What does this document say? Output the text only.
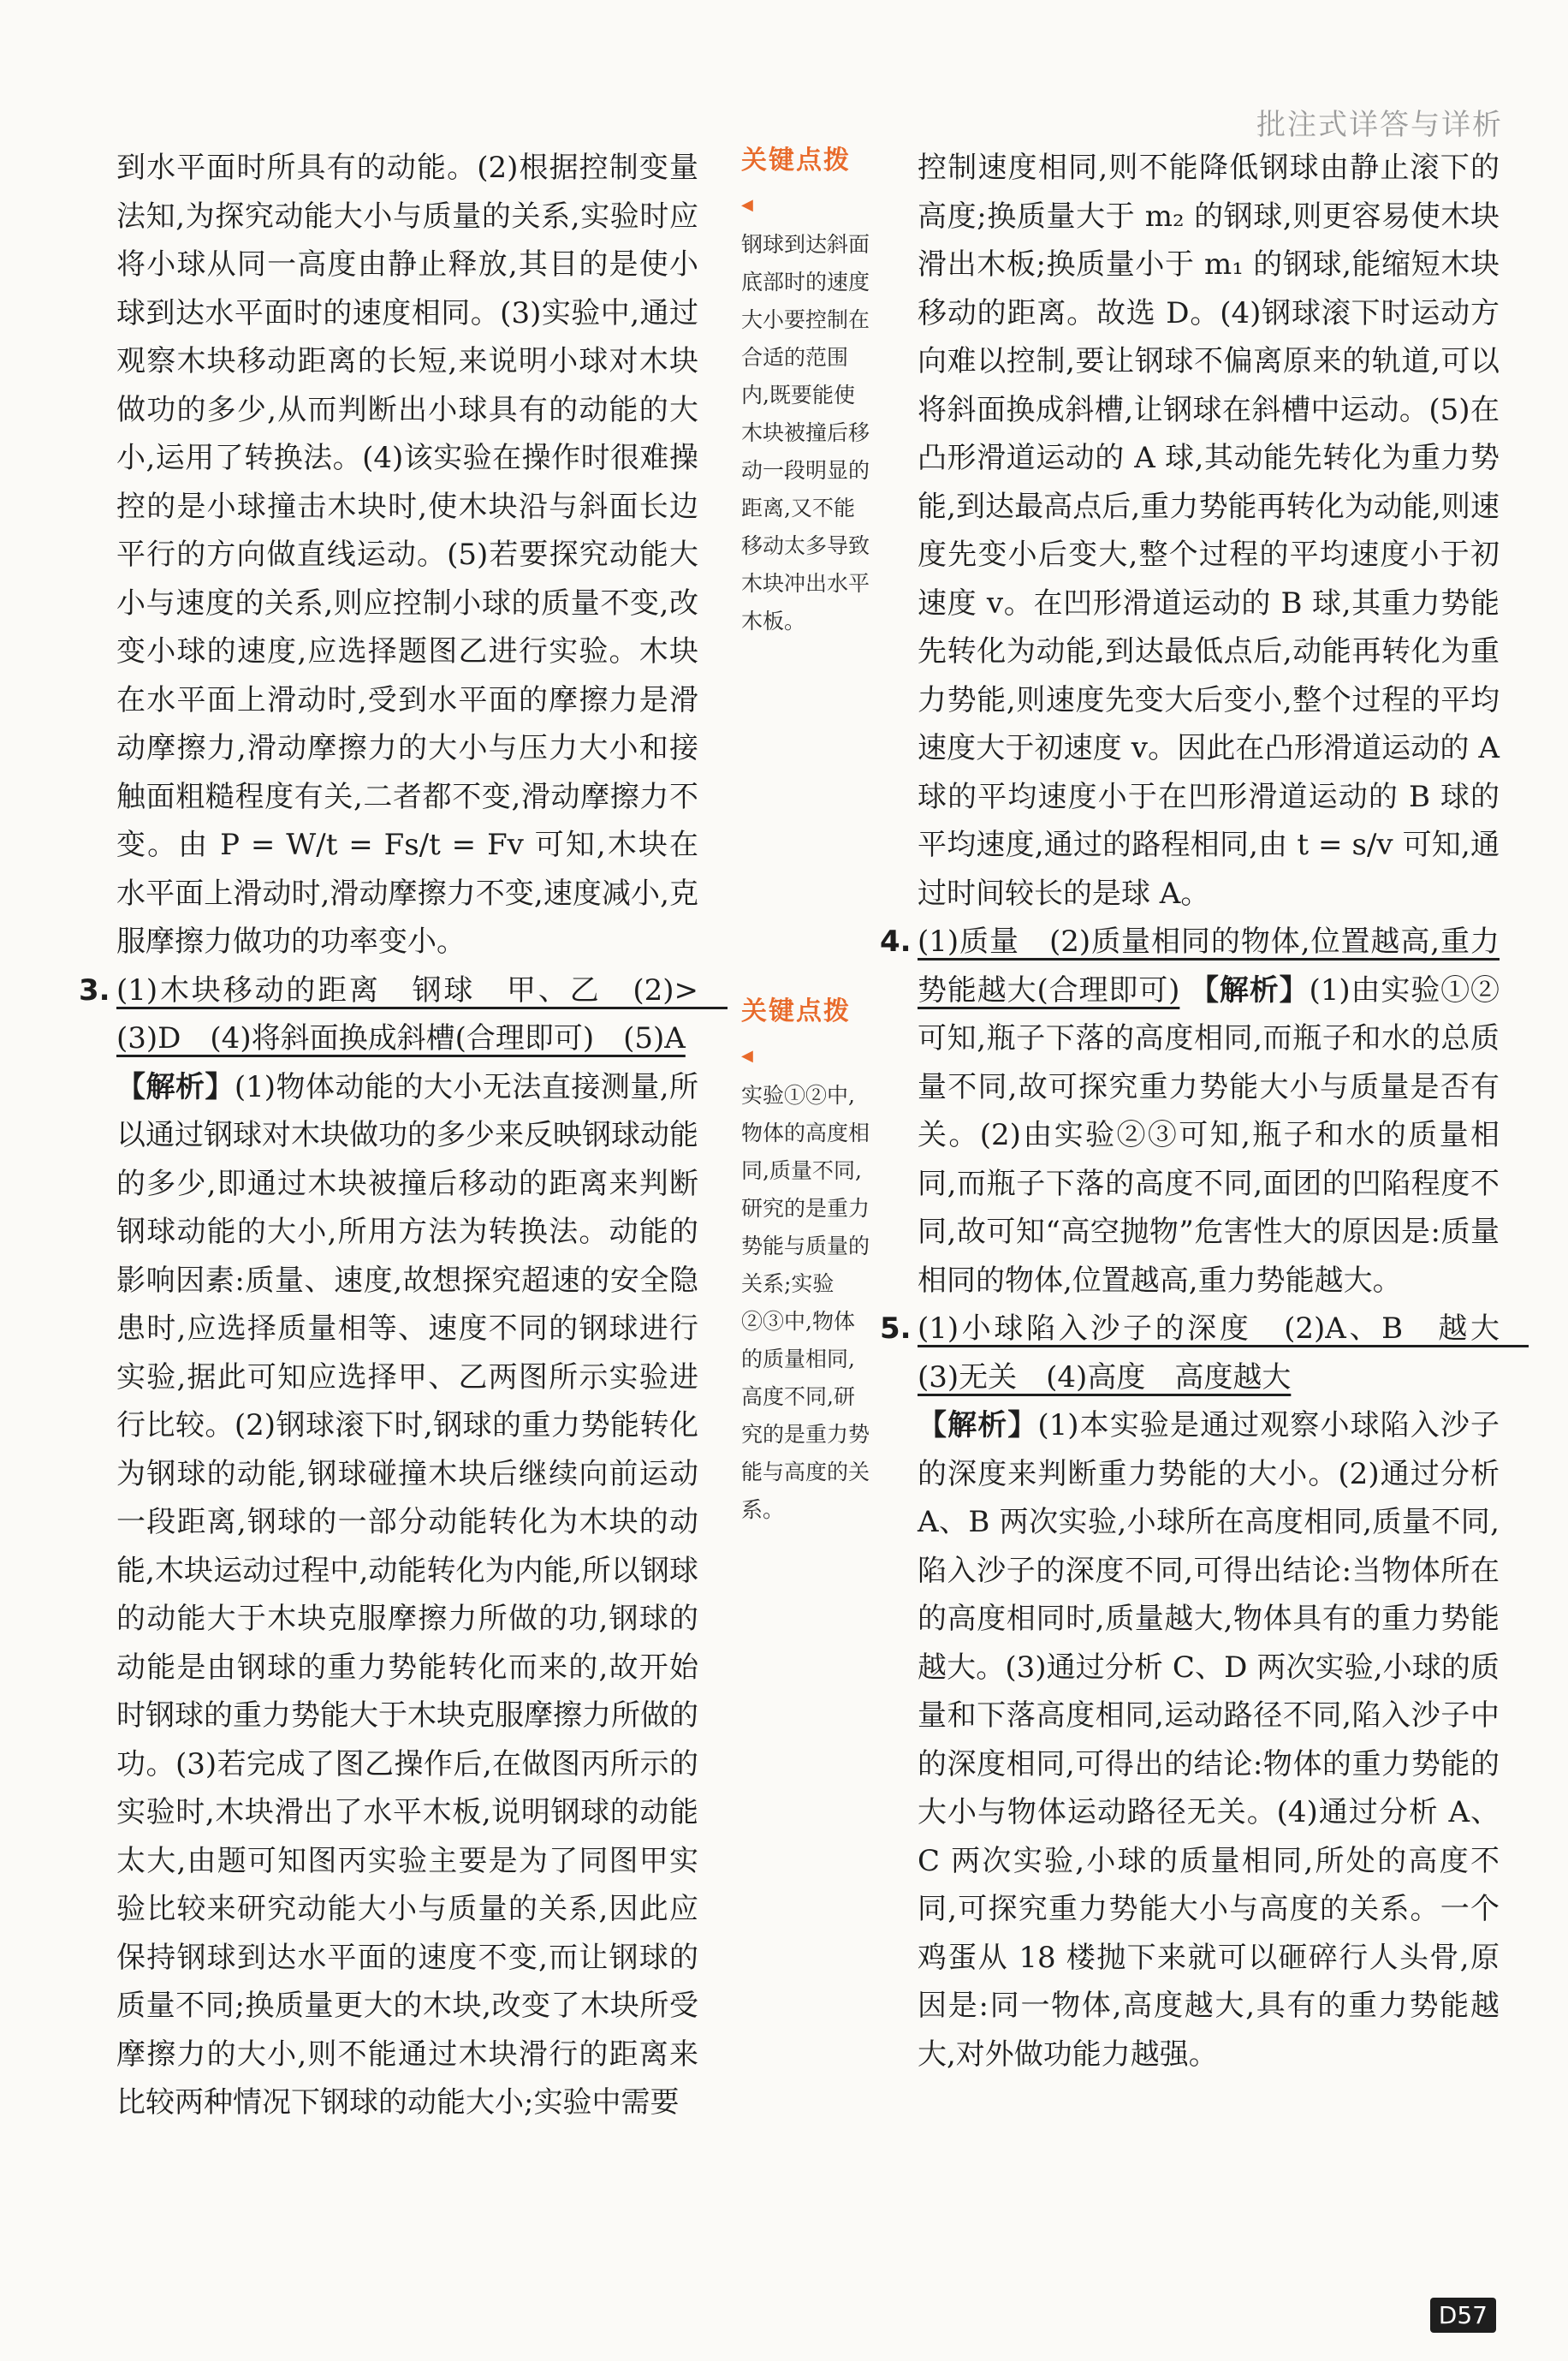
批注式详答与详析

到水平面时所具有的动能。(2)根据控制变量法知,为探究动能大小与质量的关系,实验时应将小球从同一高度由静止释放,其目的是使小球到达水平面时的速度相同。(3)实验中,通过观察木块移动距离的长短,来说明小球对木块做功的多少,从而判断出小球具有的动能的大小,运用了转换法。(4)该实验在操作时很难操控的是小球撞击木块时,使木块沿与斜面长边平行的方向做直线运动。(5)若要探究动能大小与速度的关系,则应控制小球的质量不变,改变小球的速度,应选择题图乙进行实验。木块在水平面上滑动时,受到水平面的摩擦力是滑动摩擦力,滑动摩擦力的大小与压力大小和接触面粗糙程度有关,二者都不变,滑动摩擦力不变。由 P = W/t = Fs/t = Fv 可知,木块在水平面上滑动时,滑动摩擦力不变,速度减小,克服摩擦力做功的功率变小。

3. (1)木块移动的距离　钢球　甲、乙　(2)>　(3)D　(4)将斜面换成斜槽(合理即可)　(5)A

【解析】(1)物体动能的大小无法直接测量,所以通过钢球对木块做功的多少来反映钢球动能的多少,即通过木块被撞后移动的距离来判断钢球动能的大小,所用方法为转换法。动能的影响因素:质量、速度,故想探究超速的安全隐患时,应选择质量相等、速度不同的钢球进行实验,据此可知应选择甲、乙两图所示实验进行比较。(2)钢球滚下时,钢球的重力势能转化为钢球的动能,钢球碰撞木块后继续向前运动一段距离,钢球的一部分动能转化为木块的动能,木块运动过程中,动能转化为内能,所以钢球的动能大于木块克服摩擦力所做的功,钢球的动能是由钢球的重力势能转化而来的,故开始时钢球的重力势能大于木块克服摩擦力所做的功。(3)若完成了图乙操作后,在做图丙所示的实验时,木块滑出了水平木板,说明钢球的动能太大,由题可知图丙实验主要是为了同图甲实验比较来研究动能大小与质量的关系,因此应保持钢球到达水平面的速度不变,而让钢球的质量不同;换质量更大的木块,改变了木块所受摩擦力的大小,则不能通过木块滑行的距离来比较两种情况下钢球的动能大小;实验中需要

关键点拨 ◀
钢球到达斜面底部时的速度大小要控制在合适的范围内,既要能使木块被撞后移动一段明显的距离,又不能移动太多导致木块冲出水平木板。
关键点拨 ◀
实验①②中,物体的高度相同,质量不同,研究的是重力势能与质量的关系;实验②③中,物体的质量相同,高度不同,研究的是重力势能与高度的关系。

控制速度相同,则不能降低钢球由静止滚下的高度;换质量大于 m₂ 的钢球,则更容易使木块滑出木板;换质量小于 m₁ 的钢球,能缩短木块移动的距离。故选 D。(4)钢球滚下时运动方向难以控制,要让钢球不偏离原来的轨道,可以将斜面换成斜槽,让钢球在斜槽中运动。(5)在凸形滑道运动的 A 球,其动能先转化为重力势能,到达最高点后,重力势能再转化为动能,则速度先变小后变大,整个过程的平均速度小于初速度 v。在凹形滑道运动的 B 球,其重力势能先转化为动能,到达最低点后,动能再转化为重力势能,则速度先变大后变小,整个过程的平均速度大于初速度 v。因此在凸形滑道运动的 A 球的平均速度小于在凹形滑道运动的 B 球的平均速度,通过的路程相同,由 t = s/v 可知,通过时间较长的是球 A。

4. (1)质量　(2)质量相同的物体,位置越高,重力势能越大(合理即可) 【解析】(1)由实验①②可知,瓶子下落的高度相同,而瓶子和水的总质量不同,故可探究重力势能大小与质量是否有关。(2)由实验②③可知,瓶子和水的质量相同,而瓶子下落的高度不同,面团的凹陷程度不同,故可知“高空抛物”危害性大的原因是:质量相同的物体,位置越高,重力势能越大。

5. (1)小球陷入沙子的深度　(2)A、B　越大　(3)无关　(4)高度　高度越大

【解析】(1)本实验是通过观察小球陷入沙子的深度来判断重力势能的大小。(2)通过分析 A、B 两次实验,小球所在高度相同,质量不同,陷入沙子的深度不同,可得出结论:当物体所在的高度相同时,质量越大,物体具有的重力势能越大。(3)通过分析 C、D 两次实验,小球的质量和下落高度相同,运动路径不同,陷入沙子中的深度相同,可得出的结论:物体的重力势能的大小与物体运动路径无关。(4)通过分析 A、C 两次实验,小球的质量相同,所处的高度不同,可探究重力势能大小与高度的关系。一个鸡蛋从 18 楼抛下来就可以砸碎行人头骨,原因是:同一物体,高度越大,具有的重力势能越大,对外做功能力越强。

D57
